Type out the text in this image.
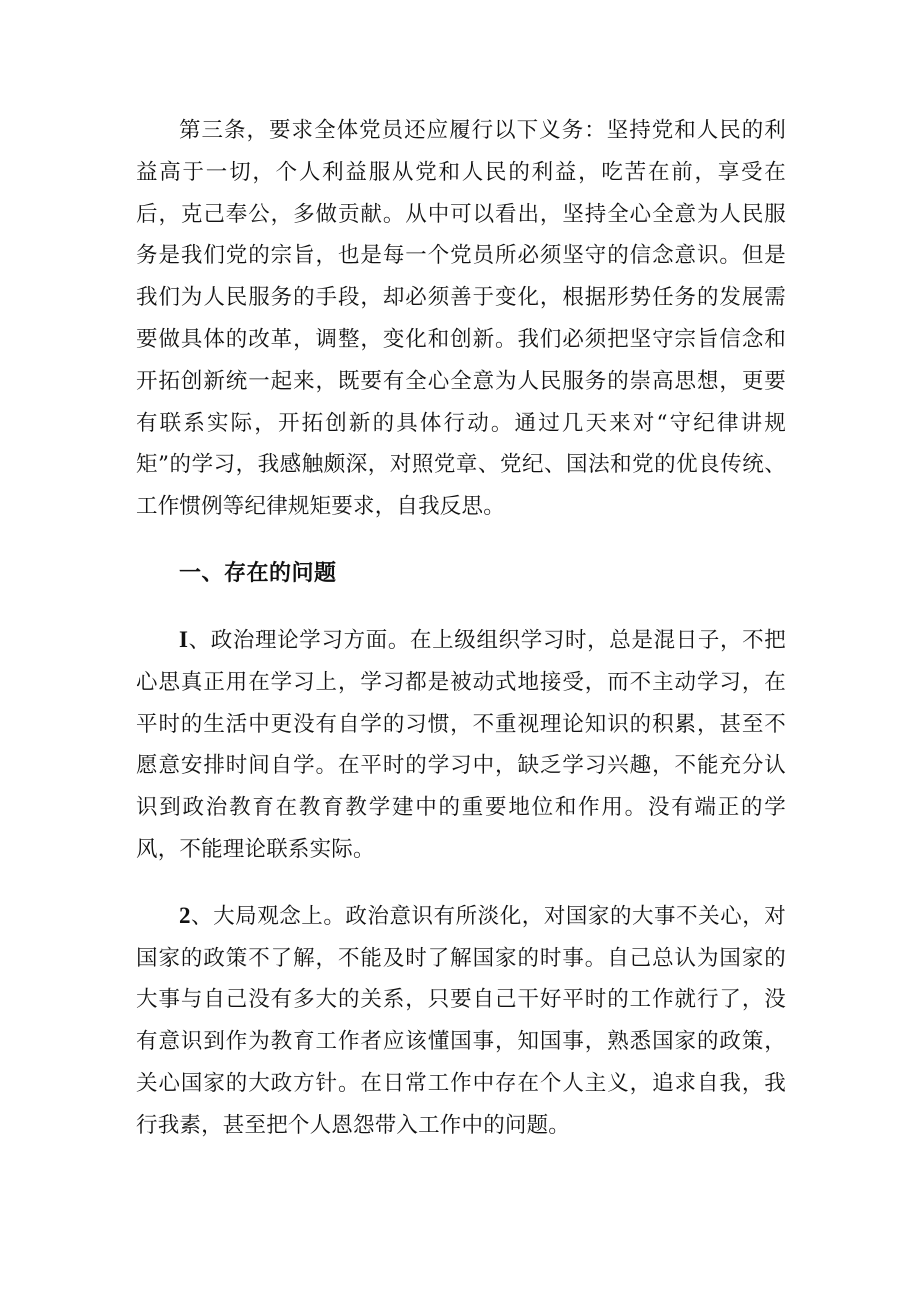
第三条，要求全体党员还应履行以下义务：坚持党和人民的利益高于一切，个人利益服从党和人民的利益，吃苦在前，享受在后，克己奉公，多做贡献。从中可以看出，坚持全心全意为人民服务是我们党的宗旨，也是每一个党员所必须坚守的信念意识。但是我们为人民服务的手段，却必须善于变化，根据形势任务的发展需要做具体的改革，调整，变化和创新。我们必须把坚守宗旨信念和开拓创新统一起来，既要有全心全意为人民服务的崇高思想，更要有联系实际，开拓创新的具体行动。通过几天来对“守纪律讲规矩”的学习，我感触颇深，对照党章、党纪、国法和党的优良传统、工作惯例等纪律规矩要求，自我反思。

一、存在的问题

I、政治理论学习方面。在上级组织学习时，总是混日子，不把心思真正用在学习上，学习都是被动式地接受，而不主动学习，在平时的生活中更没有自学的习惯，不重视理论知识的积累，甚至不愿意安排时间自学。在平时的学习中，缺乏学习兴趣，不能充分认识到政治教育在教育教学建中的重要地位和作用。没有端正的学风，不能理论联系实际。

2、大局观念上。政治意识有所淡化，对国家的大事不关心，对国家的政策不了解，不能及时了解国家的时事。自己总认为国家的大事与自己没有多大的关系，只要自己干好平时的工作就行了，没有意识到作为教育工作者应该懂国事，知国事，熟悉国家的政策，关心国家的大政方针。在日常工作中存在个人主义，追求自我，我行我素，甚至把个人恩怨带入工作中的问题。
